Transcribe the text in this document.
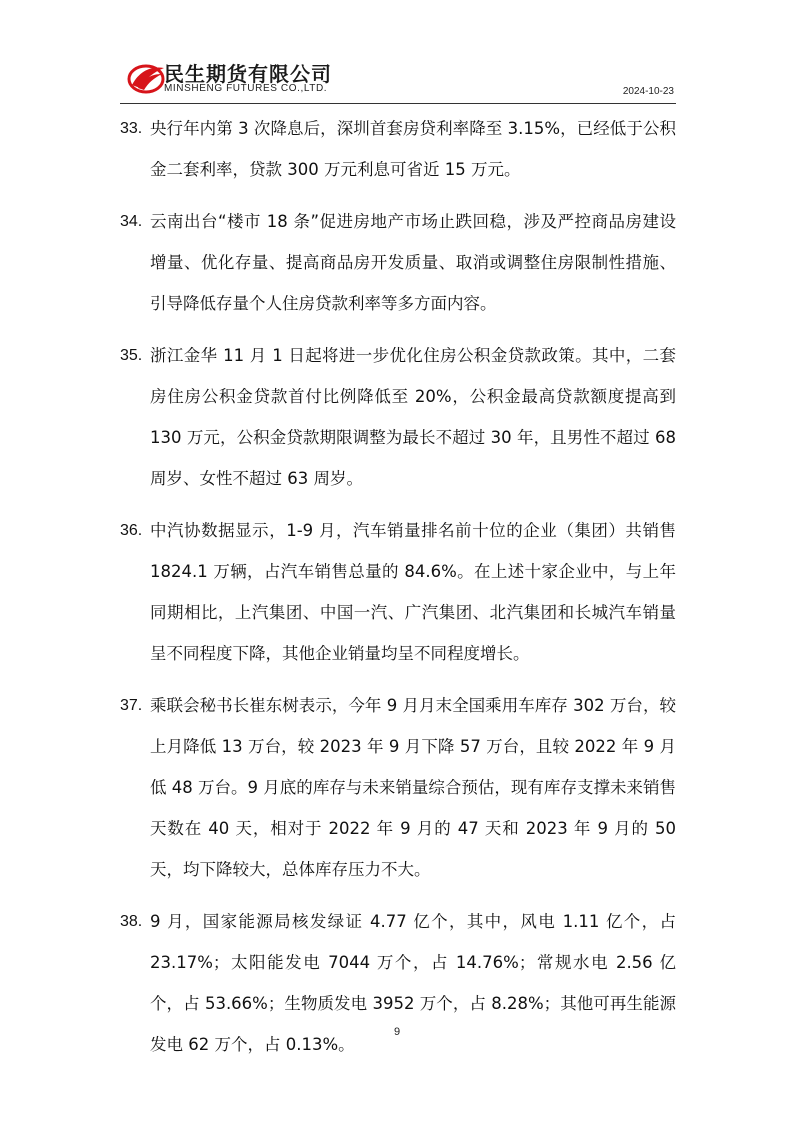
民生期货有限公司
MINSHENG FUTURES CO.,LTD.	2024-10-23
33. 央行年内第 3 次降息后，深圳首套房贷利率降至 3.15%，已经低于公积金二套利率，贷款 300 万元利息可省近 15 万元。

34. 云南出台“楼市 18 条”促进房地产市场止跌回稳，涉及严控商品房建设增量、优化存量、提高商品房开发质量、取消或调整住房限制性措施、引导降低存量个人住房贷款利率等多方面内容。

35. 浙江金华 11 月 1 日起将进一步优化住房公积金贷款政策。其中，二套房住房公积金贷款首付比例降低至 20%，公积金最高贷款额度提高到 130 万元，公积金贷款期限调整为最长不超过 30 年，且男性不超过 68 周岁、女性不超过 63 周岁。

36. 中汽协数据显示，1-9 月，汽车销量排名前十位的企业（集团）共销售 1824.1 万辆，占汽车销售总量的 84.6%。在上述十家企业中，与上年同期相比，上汽集团、中国一汽、广汽集团、北汽集团和长城汽车销量呈不同程度下降，其他企业销量均呈不同程度增长。

37. 乘联会秘书长崔东树表示，今年 9 月月末全国乘用车库存 302 万台，较上月降低 13 万台，较 2023 年 9 月下降 57 万台，且较 2022 年 9 月低 48 万台。9 月底的库存与未来销量综合预估，现有库存支撑未来销售天数在 40 天，相对于 2022 年 9 月的 47 天和 2023 年 9 月的 50 天，均下降较大，总体库存压力不大。

38. 9 月，国家能源局核发绿证 4.77 亿个，其中，风电 1.11 亿个，占 23.17%；太阳能发电 7044 万个，占 14.76%；常规水电 2.56 亿个，占 53.66%；生物质发电 3952 万个，占 8.28%；其他可再生能源发电 62 万个，占 0.13%。

9
